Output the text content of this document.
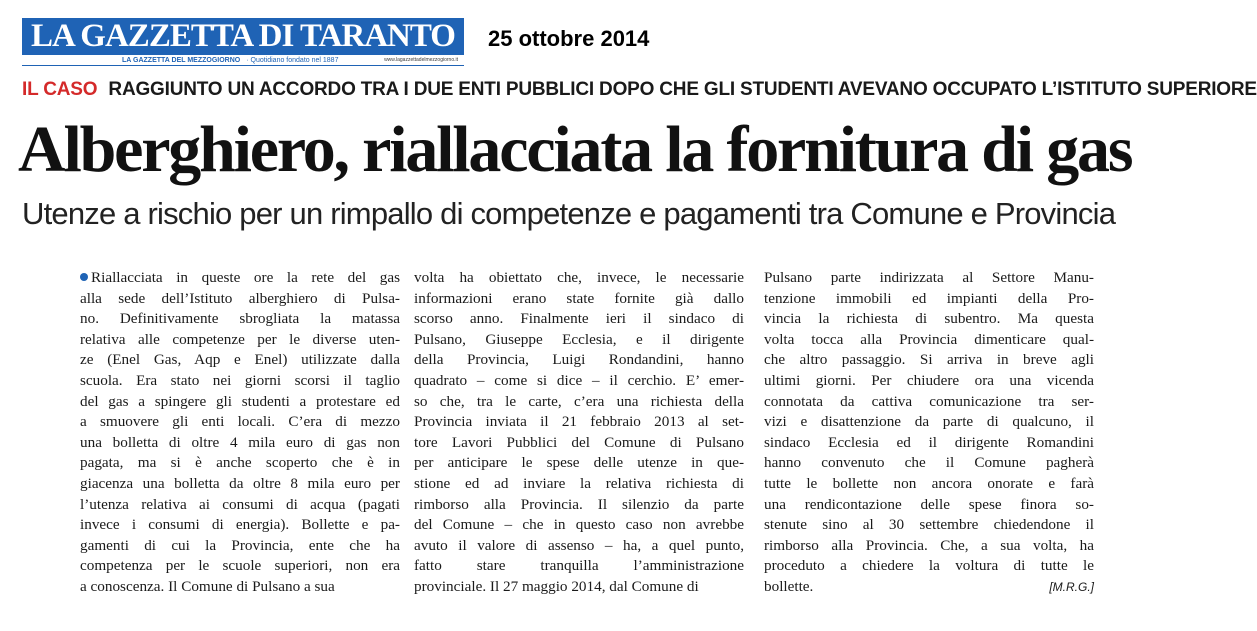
LA GAZZETTA DI TARANTO
LA GAZZETTA DEL MEZZOGIORNO · Quotidiano fondato nel 1887	www.lagazzettadelmezzogiorno.it
25 ottobre 2014
IL CASO RAGGIUNTO UN ACCORDO TRA I DUE ENTI PUBBLICI DOPO CHE GLI STUDENTI AVEVANO OCCUPATO L’ISTITUTO SUPERIORE
Alberghiero, riallacciata la fornitura di gas
Utenze a rischio per un rimpallo di competenze e pagamenti tra Comune e Provincia
Riallacciata in queste ore la rete del gas
alla sede dell’Istituto alberghiero di Pulsa-
no. Definitivamente sbrogliata la matassa
relativa alle competenze per le diverse uten-
ze (Enel Gas, Aqp e Enel) utilizzate dalla
scuola. Era stato nei giorni scorsi il taglio
del gas a spingere gli studenti a protestare ed
a smuovere gli enti locali. C’era di mezzo
una bolletta di oltre 4 mila euro di gas non
pagata, ma si è anche scoperto che è in
giacenza una bolletta da oltre 8 mila euro per
l’utenza relativa ai consumi di acqua (pagati
invece i consumi di energia). Bollette e pa-
gamenti di cui la Provincia, ente che ha
competenza per le scuole superiori, non era
a conoscenza. Il Comune di Pulsano a sua
volta ha obiettato che, invece, le necessarie
informazioni erano state fornite già dallo
scorso anno. Finalmente ieri il sindaco di
Pulsano, Giuseppe Ecclesia, e il dirigente
della Provincia, Luigi Rondandini, hanno
quadrato – come si dice – il cerchio. E’ emer-
so che, tra le carte, c’era una richiesta della
Provincia inviata il 21 febbraio 2013 al set-
tore Lavori Pubblici del Comune di Pulsano
per anticipare le spese delle utenze in que-
stione ed ad inviare la relativa richiesta di
rimborso alla Provincia. Il silenzio da parte
del Comune – che in questo caso non avrebbe
avuto il valore di assenso – ha, a quel punto,
fatto stare tranquilla l’amministrazione
provinciale. Il 27 maggio 2014, dal Comune di
Pulsano parte indirizzata al Settore Manu-
tenzione immobili ed impianti della Pro-
vincia la richiesta di subentro. Ma questa
volta tocca alla Provincia dimenticare qual-
che altro passaggio. Si arriva in breve agli
ultimi giorni. Per chiudere ora una vicenda
connotata da cattiva comunicazione tra ser-
vizi e disattenzione da parte di qualcuno, il
sindaco Ecclesia ed il dirigente Romandini
hanno convenuto che il Comune pagherà
tutte le bollette non ancora onorate e farà
una rendicontazione delle spese finora so-
stenute sino al 30 settembre chiedendone il
rimborso alla Provincia. Che, a sua volta, ha
proceduto a chiedere la voltura di tutte le
bollette.	[M.R.G.]
